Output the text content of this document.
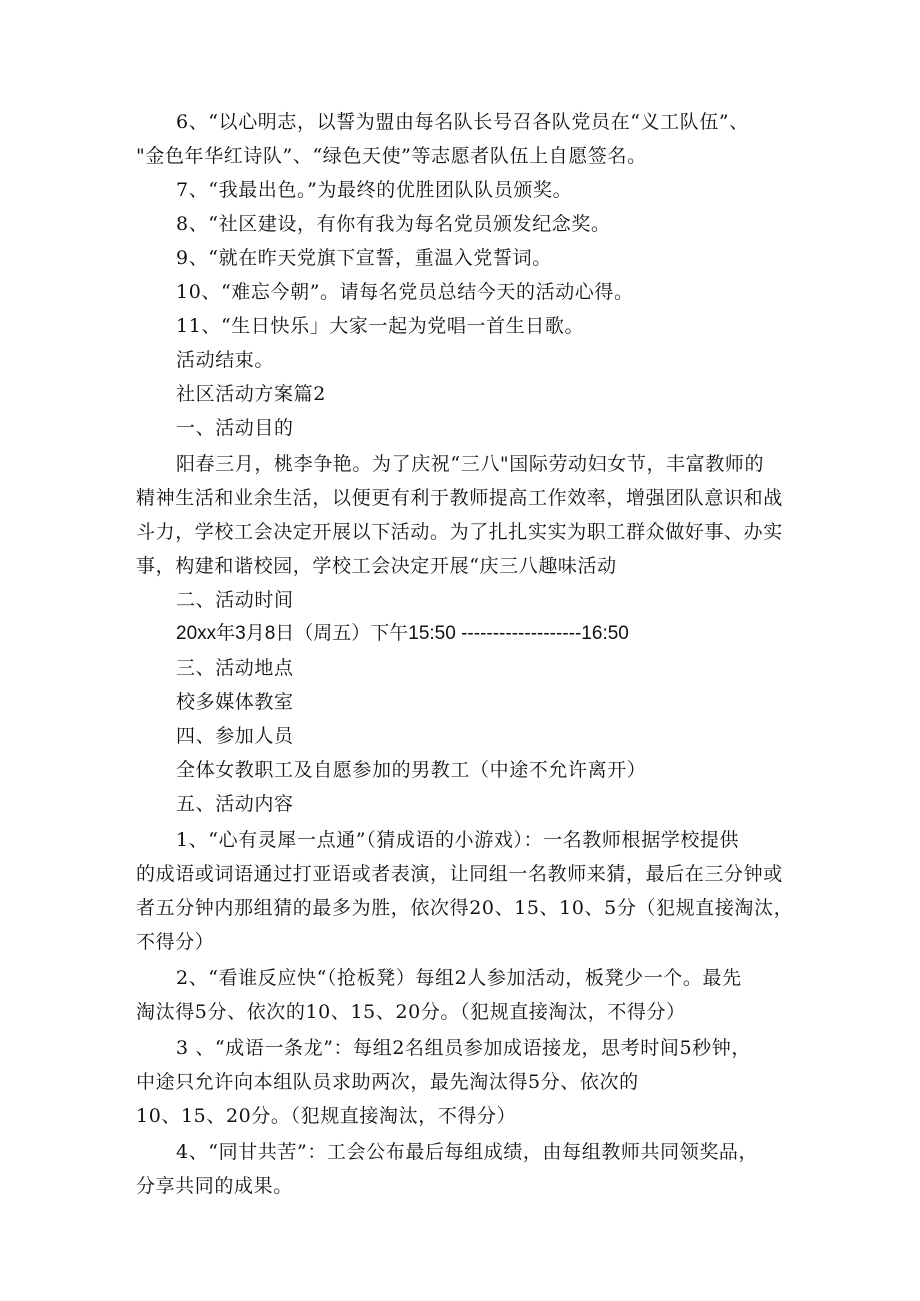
6、“以心明志，以誓为盟由每名队长号召各队党员在“义工队伍”、
"金色年华红诗队”、“绿色天使”等志愿者队伍上自愿签名。
7、“我最出色。”为最终的优胜团队队员颁奖。
8、“社区建设，有你有我为每名党员颁发纪念奖。
9、“就在昨天党旗下宣誓，重温入党誓词。
10、“难忘今朝”。请每名党员总结今天的活动心得。
11、“生日快乐」大家一起为党唱一首生日歌。
活动结束。
社区活动方案篇2
一、活动目的
阳春三月，桃李争艳。为了庆祝“三八"国际劳动妇女节，丰富教师的
精神生活和业余生活，以便更有利于教师提高工作效率，增强团队意识和战
斗力，学校工会决定开展以下活动。为了扎扎实实为职工群众做好事、办实
事，构建和谐校园，学校工会决定开展“庆三八趣味活动
二、活动时间
20xx年3月8日（周五）下午15:50 -------------------16:50
三、活动地点
校多媒体教室
四、参加人员
全体女教职工及自愿参加的男教工（中途不允许离开）
五、活动内容
1、“心有灵犀一点通”（猜成语的小游戏）：一名教师根据学校提供
的成语或词语通过打亚语或者表演，让同组一名教师来猜，最后在三分钟或
者五分钟内那组猜的最多为胜，依次得20、15、10、5分（犯规直接淘汰，
不得分）
2、“看谁反应快“（抢板凳）每组2人参加活动，板凳少一个。最先
淘汰得5分、依次的10、15、20分。（犯规直接淘汰，不得分）
3 、“成语一条龙”：每组2名组员参加成语接龙，思考时间5秒钟，
中途只允许向本组队员求助两次，最先淘汰得5分、依次的
10、15、20分。（犯规直接淘汰，不得分）
4、“同甘共苦”：工会公布最后每组成绩，由每组教师共同领奖品，
分享共同的成果。
